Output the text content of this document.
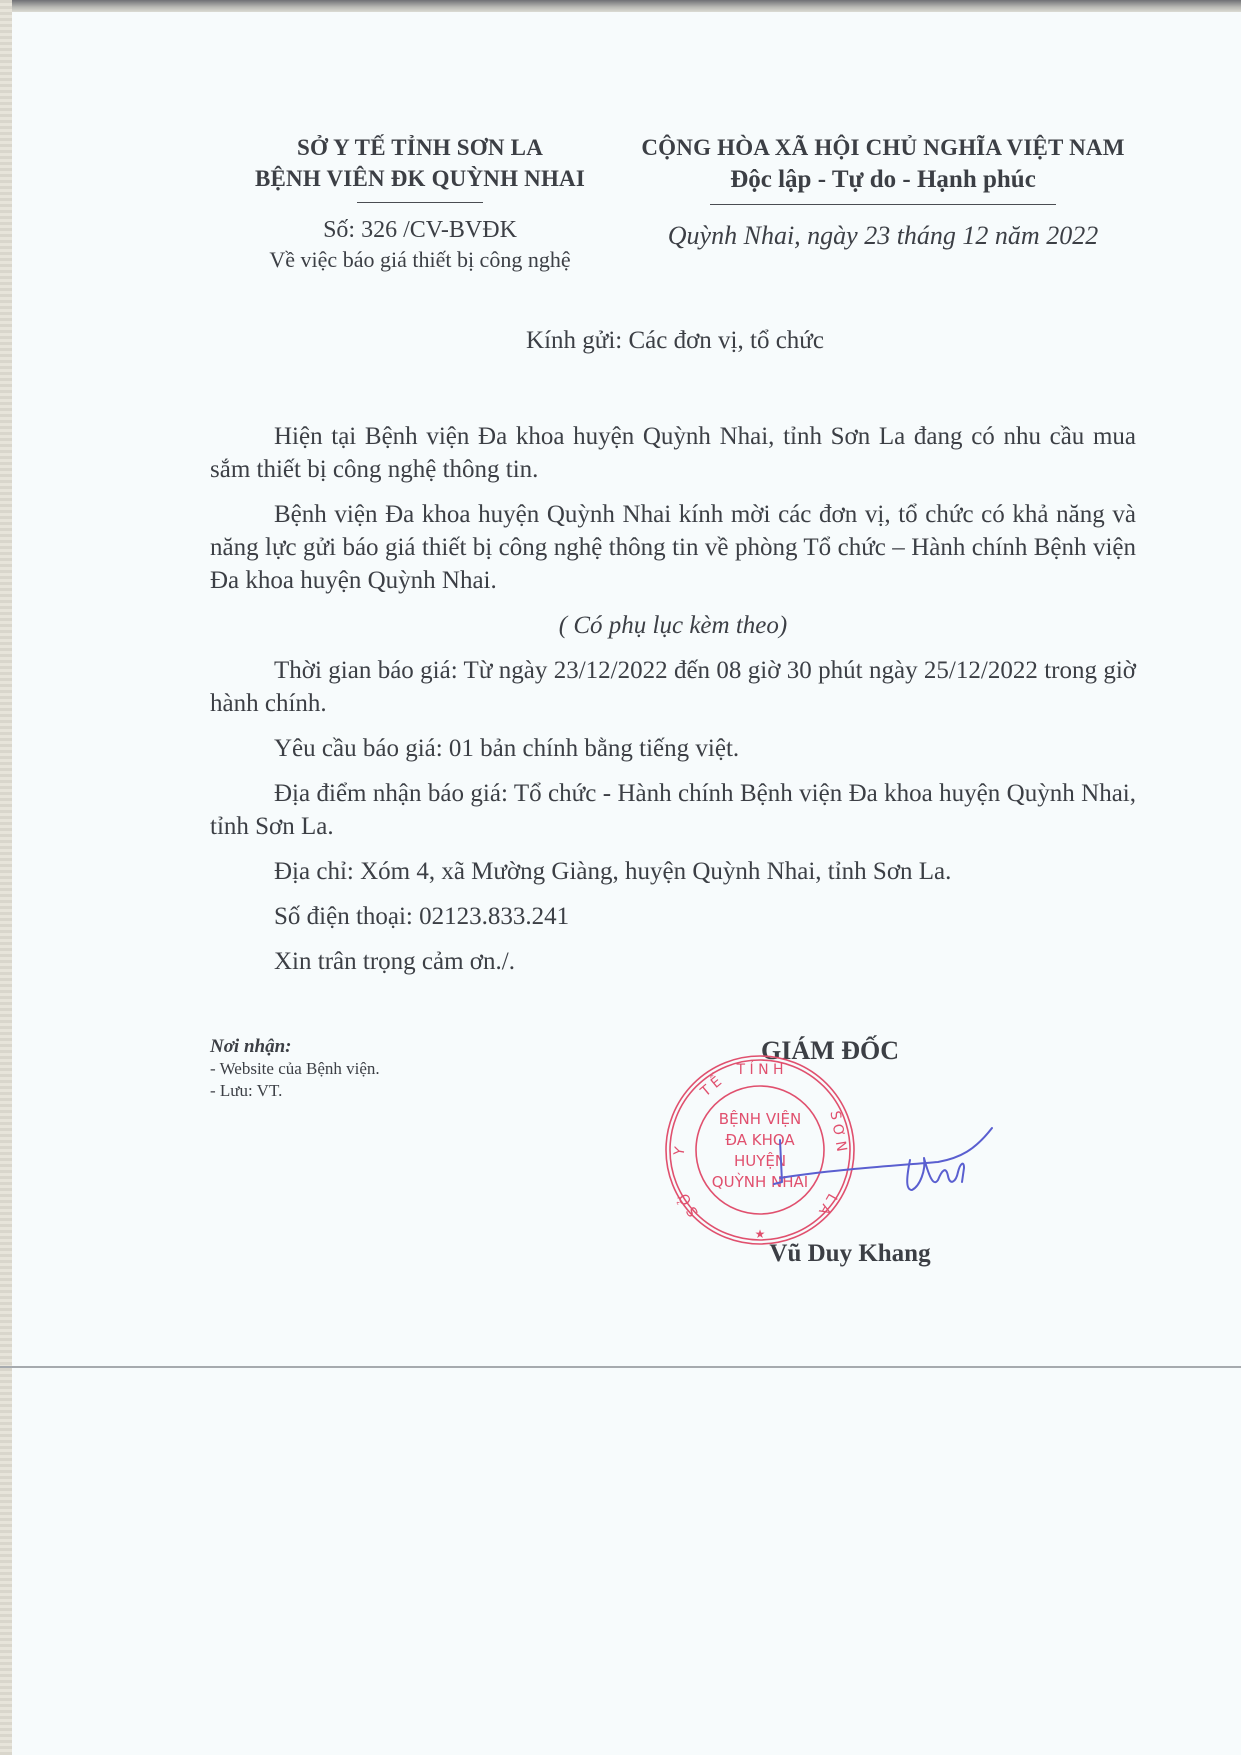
SỞ Y TẾ TỈNH SƠN LA
BỆNH VIÊN ĐK QUỲNH NHAI
Số: 326 /CV-BVĐK
Về việc báo giá thiết bị công nghệ
CỘNG HÒA XÃ HỘI CHỦ NGHĨA VIỆT NAM
Độc lập - Tự do - Hạnh phúc
Quỳnh Nhai, ngày 23 tháng 12 năm 2022
Kính gửi: Các đơn vị, tổ chức

Hiện tại Bệnh viện Đa khoa huyện Quỳnh Nhai, tỉnh Sơn La đang có nhu cầu mua sắm thiết bị công nghệ thông tin.

Bệnh viện Đa khoa huyện Quỳnh Nhai kính mời các đơn vị, tổ chức có khả năng và năng lực gửi báo giá thiết bị công nghệ thông tin về phòng Tổ chức – Hành chính Bệnh viện Đa khoa huyện Quỳnh Nhai.

( Có phụ lục kèm theo)

Thời gian báo giá: Từ ngày 23/12/2022 đến 08 giờ 30 phút ngày 25/12/2022 trong giờ hành chính.

Yêu cầu báo giá: 01 bản chính bằng tiếng việt.

Địa điểm nhận báo giá: Tổ chức - Hành chính Bệnh viện Đa khoa huyện Quỳnh Nhai, tỉnh Sơn La.

Địa chỉ: Xóm 4, xã Mường Giàng, huyện Quỳnh Nhai, tỉnh Sơn La.

Số điện thoại: 02123.833.241

Xin trân trọng cảm ơn./.

Nơi nhận:
- Website của Bệnh viện.
- Lưu: VT.
GIÁM ĐỐC
T Ỉ N H
T Ế
Y
S Ở
S Ơ N
L A
★
BỆNH VIỆN
ĐA KHOA
HUYỆN
QUỲNH NHAI
Vũ Duy Khang
